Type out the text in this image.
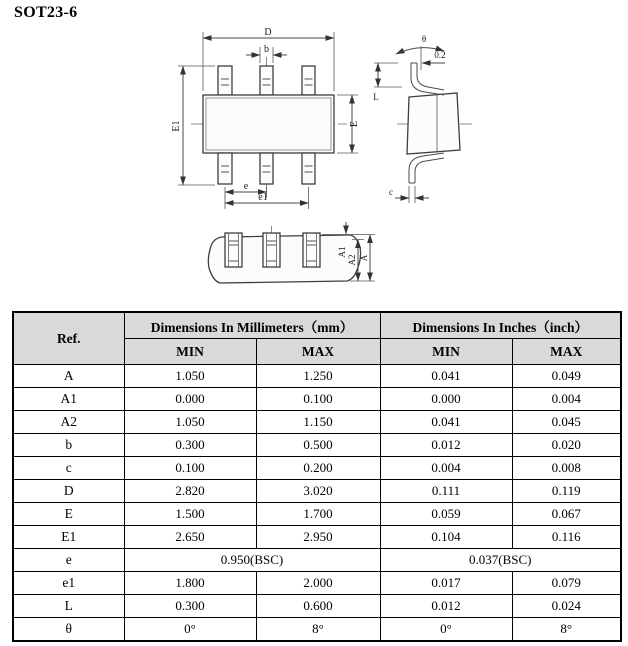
SOT23-6
D
b
E1	E
e
e1
θ
0.2
L
c
A1
A2 A
Ref.	Dimensions In Millimeters（mm）		Dimensions In Inches（inch）	
	MIN	MAX	MIN	MAX
A	1.050	1.250	0.041	0.049
A1	0.000	0.100	0.000	0.004
A2	1.050	1.150	0.041	0.045
b	0.300	0.500	0.012	0.020
c	0.100	0.200	0.004	0.008
D	2.820	3.020	0.111	0.119
E	1.500	1.700	0.059	0.067
E1	2.650	2.950	0.104	0.116
e	0.950(BSC)		0.037(BSC)	
e1	1.800	2.000	0.017	0.079
L	0.300	0.600	0.012	0.024
θ	0°	8°	0°	8°
